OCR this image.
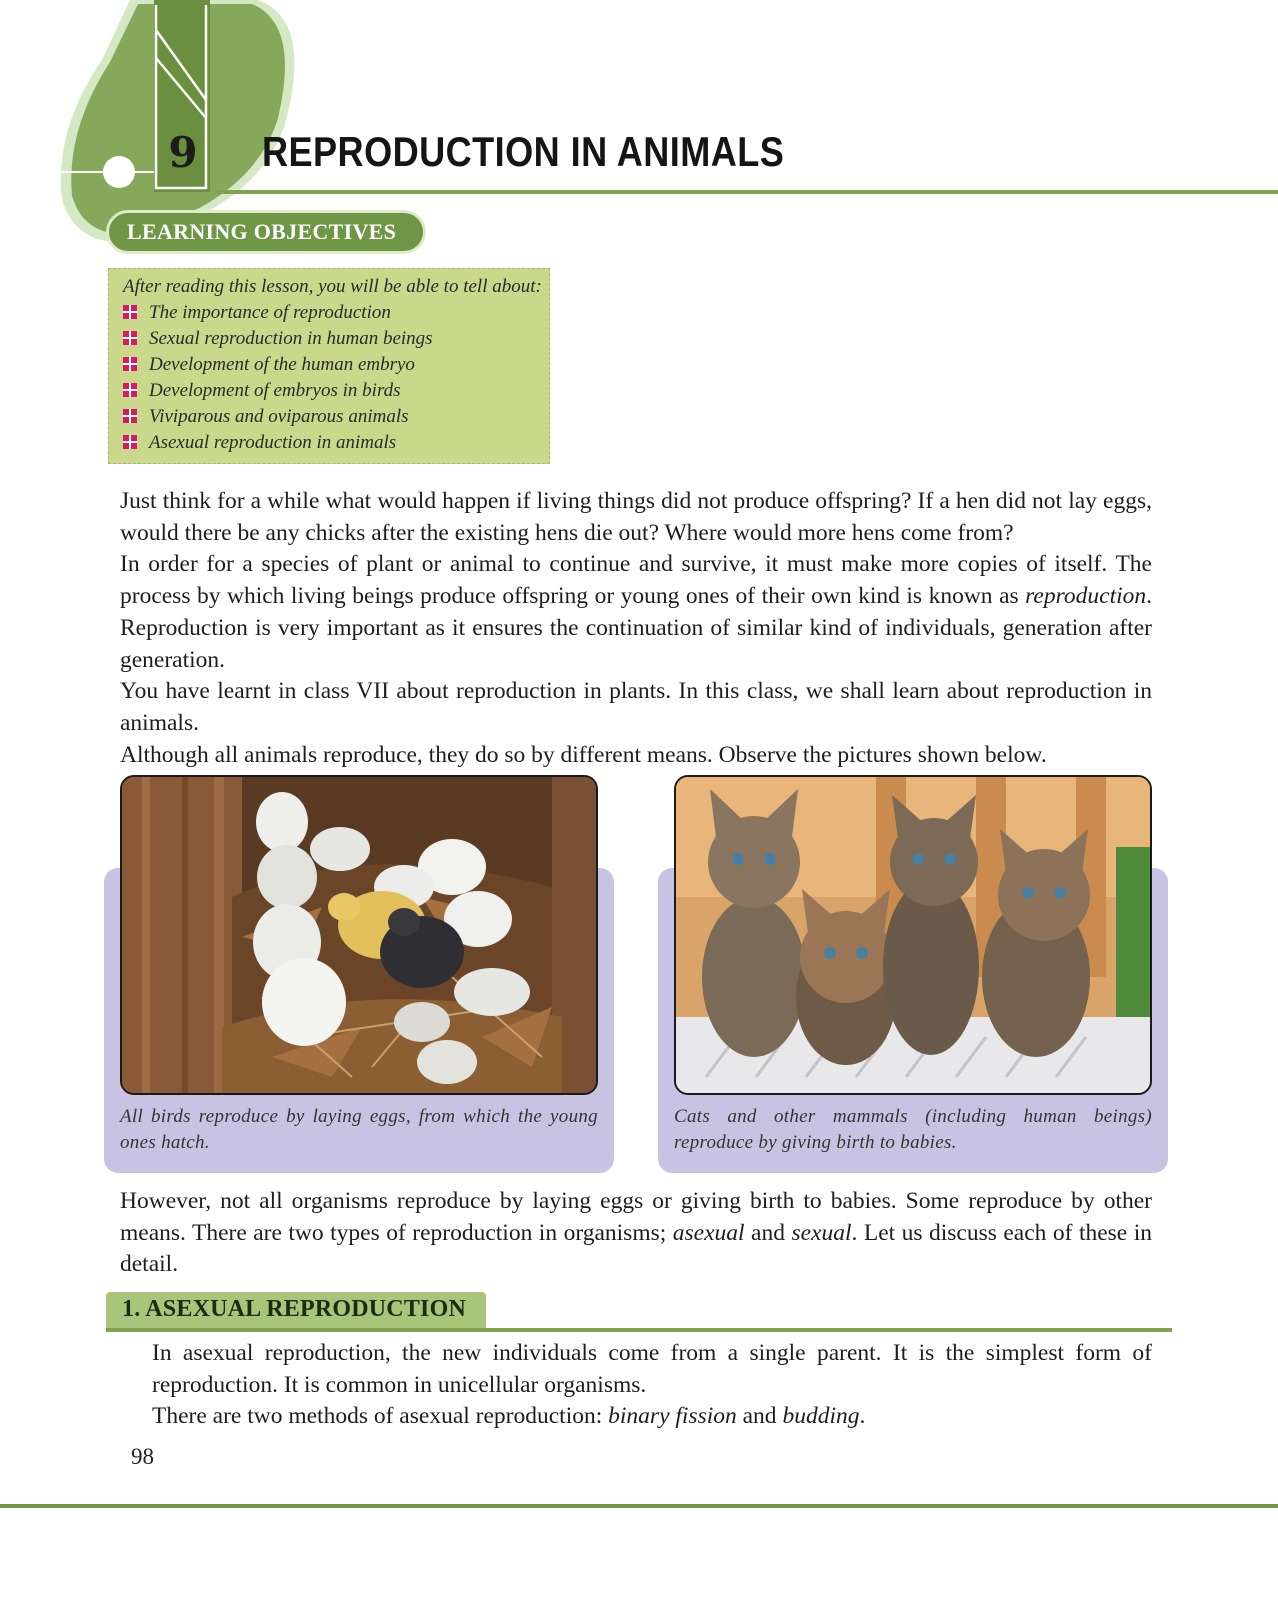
9 REPRODUCTION IN ANIMALS
LEARNING OBJECTIVES
After reading this lesson, you will be able to tell about:
The importance of reproduction
Sexual reproduction in human beings
Development of the human embryo
Development of embryos in birds
Viviparous and oviparous animals
Asexual reproduction in animals

Just think for a while what would happen if living things did not produce offspring? If a hen did not lay eggs, would there be any chicks after the existing hens die out? Where would more hens come from?

In order for a species of plant or animal to continue and survive, it must make more copies of itself. The process by which living beings produce offspring or young ones of their own kind is known as reproduction. Reproduction is very important as it ensures the continuation of similar kind of individuals, generation after generation.

You have learnt in class VII about reproduction in plants. In this class, we shall learn about reproduction in animals.

Although all animals reproduce, they do so by different means. Observe the pictures shown below.

All birds reproduce by laying eggs, from which the young ones hatch.
Cats and other mammals (including human beings) reproduce by giving birth to babies.

However, not all organisms reproduce by laying eggs or giving birth to babies. Some reproduce by other means. There are two types of reproduction in organisms; asexual and sexual. Let us discuss each of these in detail.

1. ASEXUAL REPRODUCTION

In asexual reproduction, the new individuals come from a single parent. It is the simplest form of reproduction. It is common in unicellular organisms.

There are two methods of asexual reproduction: binary fission and budding.

98
